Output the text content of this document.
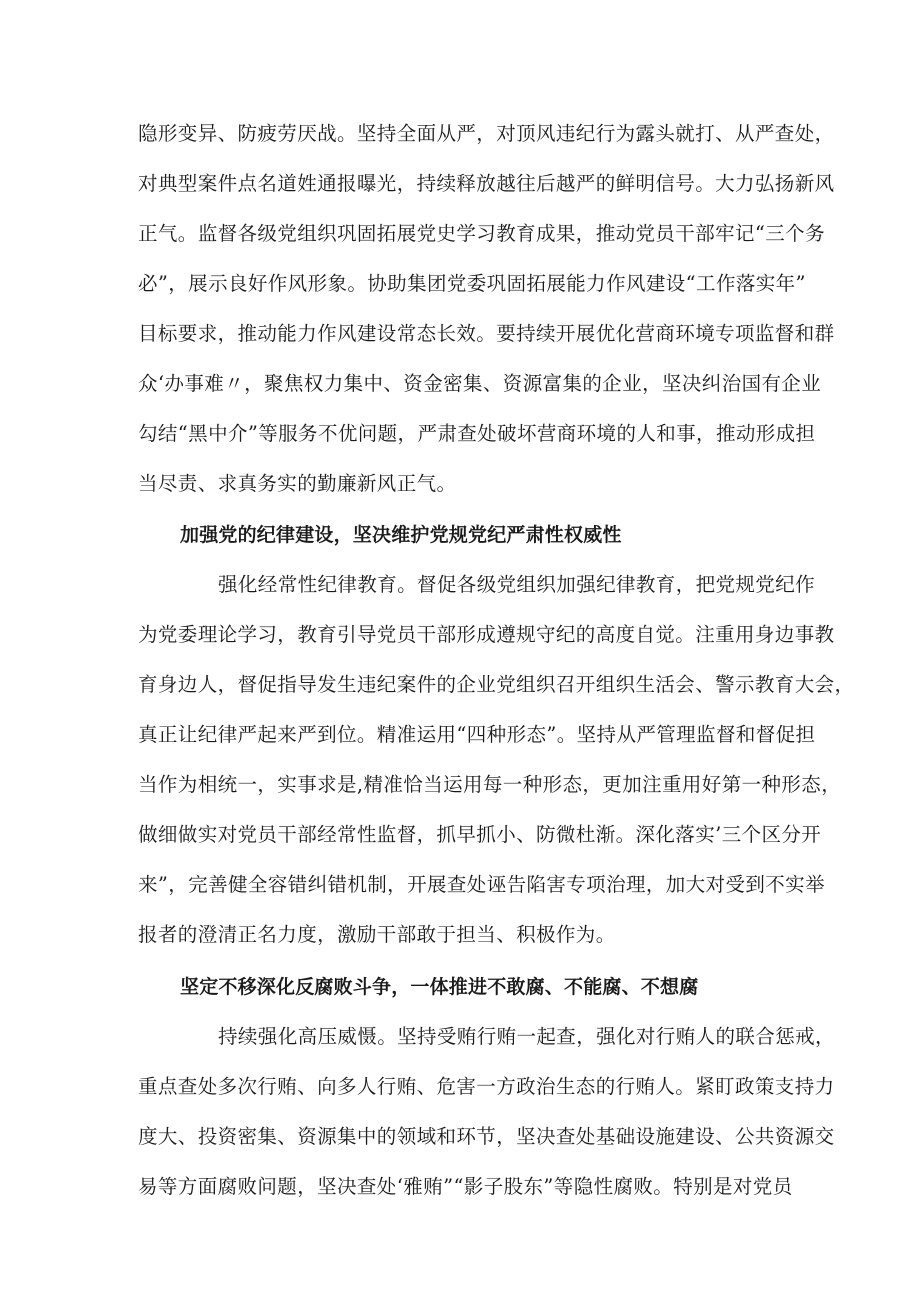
隐形变异、防疲劳厌战。坚持全面从严，对顶风违纪行为露头就打、从严查处，
对典型案件点名道姓通报曝光，持续释放越往后越严的鲜明信号。大力弘扬新风
正气。监督各级党组织巩固拓展党史学习教育成果，推动党员干部牢记“三个务
必”，展示良好作风形象。协助集团党委巩固拓展能力作风建设“工作落实年”
目标要求，推动能力作风建设常态长效。要持续开展优化营商环境专项监督和群
众‘办事难〃，聚焦权力集中、资金密集、资源富集的企业，坚决纠治国有企业
勾结“黑中介”等服务不优问题，严肃查处破坏营商环境的人和事，推动形成担
当尽责、求真务实的勤廉新风正气。
加强党的纪律建设，坚决维护党规党纪严肃性权威性
强化经常性纪律教育。督促各级党组织加强纪律教育，把党规党纪作
为党委理论学习，教育引导党员干部形成遵规守纪的高度自觉。注重用身边事教
育身边人，督促指导发生违纪案件的企业党组织召开组织生活会、警示教育大会，
真正让纪律严起来严到位。精准运用“四种形态”。坚持从严管理监督和督促担
当作为相统一，实事求是,精准恰当运用每一种形态，更加注重用好第一种形态，
做细做实对党员干部经常性监督，抓早抓小、防微杜渐。深化落实’三个区分开
来”，完善健全容错纠错机制，开展查处诬告陷害专项治理，加大对受到不实举
报者的澄清正名力度，激励干部敢于担当、积极作为。
坚定不移深化反腐败斗争，一体推进不敢腐、不能腐、不想腐
持续强化高压威慑。坚持受贿行贿一起查，强化对行贿人的联合惩戒，
重点查处多次行贿、向多人行贿、危害一方政治生态的行贿人。紧盯政策支持力
度大、投资密集、资源集中的领域和环节，坚决查处基础设施建设、公共资源交
易等方面腐败问题，坚决查处‘雅贿”“影子股东”等隐性腐败。特别是对党员
